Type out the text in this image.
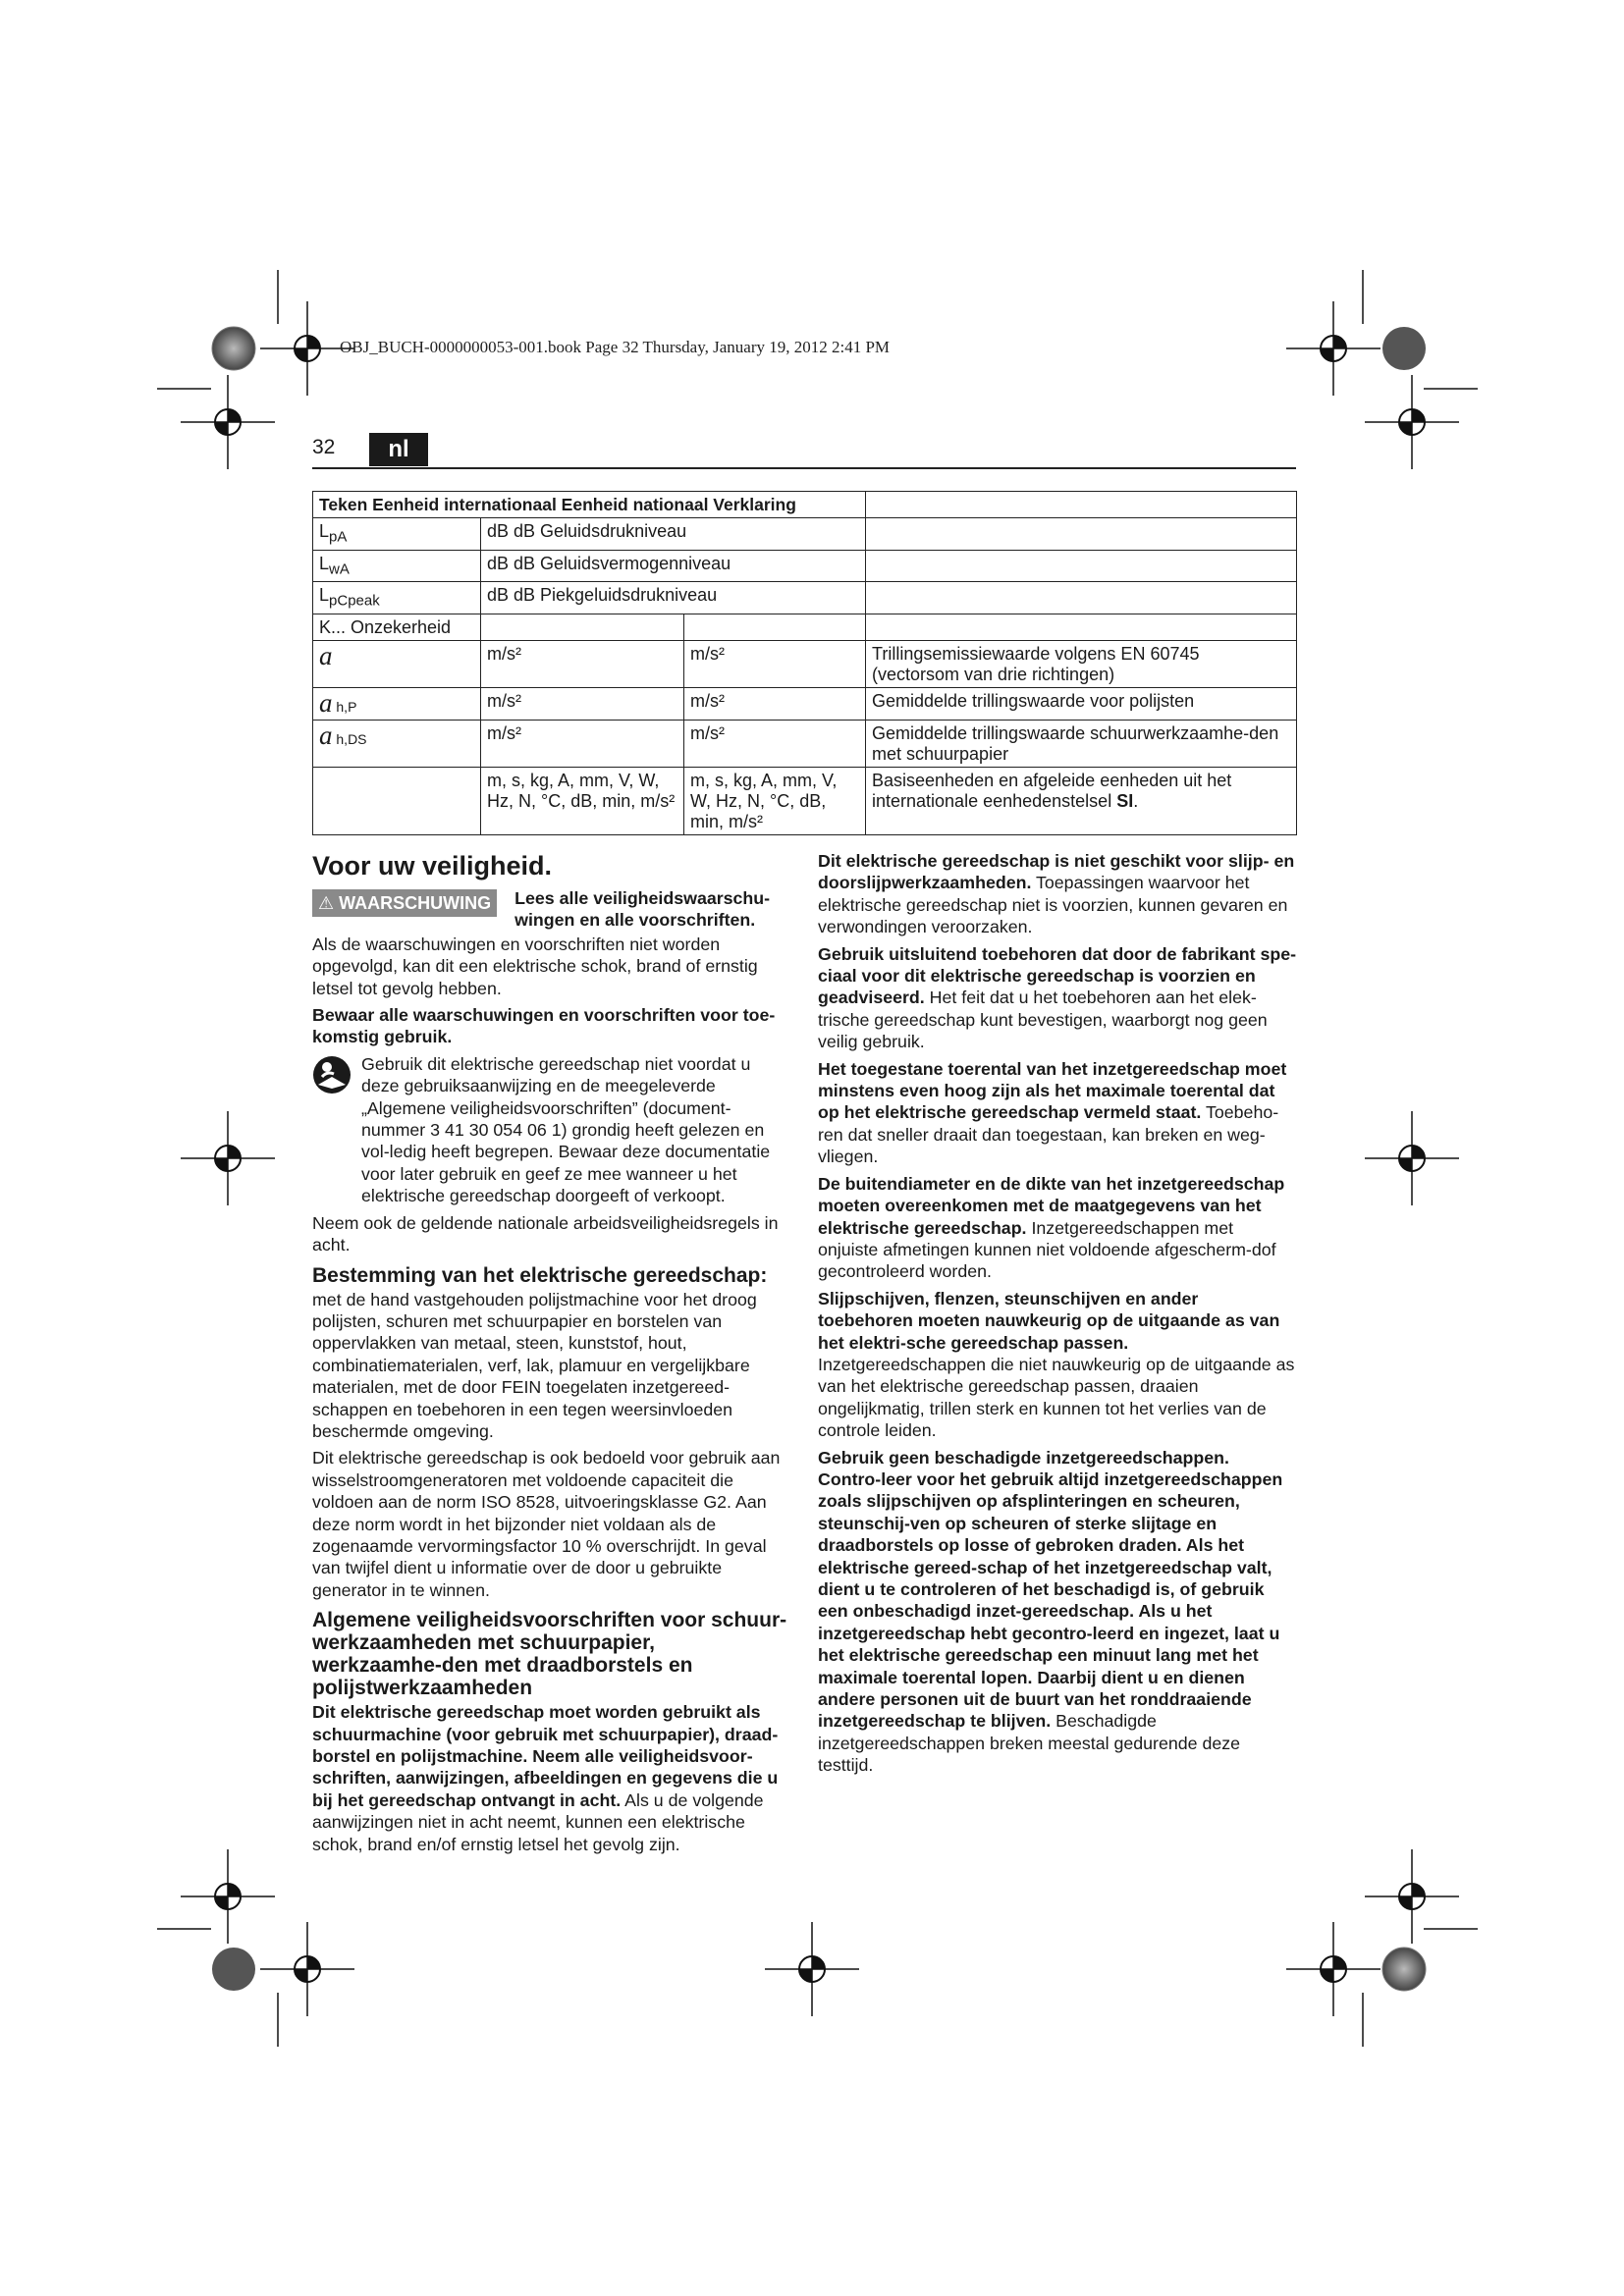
OBJ_BUCH-0000000053-001.book Page 32 Thursday, January 19, 2012 2:41 PM
32	nl
Teken Eenheid internationaal Eenheid nationaal Verklaring			
$L_{pA}$	dB dB Geluidsdrukniveau		
$L_{wA}$	dB dB Geluidsvermogenniveau		
$L_{pCpeak}$	dB dB Piekgeluidsdrukniveau		
K... Onzekerheid			
a	m/s²	m/s²	Trillingsemissiewaarde volgens EN 60745 (vectorsom van drie richtingen)
a h,P	m/s²	m/s²	Gemiddelde trillingswaarde voor polijsten
a h,DS	m/s²	m/s²	Gemiddelde trillingswaarde schuurwerkzaamhe-den met schuurpapier
	m, s, kg, A, mm, V, W, Hz, N, °C, dB, min, m/s²	m, s, kg, A, mm, V, W, Hz, N, °C, dB, min, m/s²	Basiseenheden en afgeleide eenheden uit het internationale eenhedenstelsel SI.
Voor uw veiligheid.
⚠ WAARSCHUWING	Lees alle veiligheidswaarschu-wingen en alle voorschriften.

Als de waarschuwingen en voorschriften niet worden opgevolgd, kan dit een elektrische schok, brand of ernstig letsel tot gevolg hebben.

Bewaar alle waarschuwingen en voorschriften voor toe-komstig gebruik.

Gebruik dit elektrische gereedschap niet voordat u deze gebruiksaanwijzing en de meegeleverde „Algemene veiligheidsvoorschriften” (document-nummer 3 41 30 054 06 1) grondig heeft gelezen en vol-ledig heeft begrepen. Bewaar deze documentatie voor later gebruik en geef ze mee wanneer u het elektrische gereedschap doorgeeft of verkoopt.

Neem ook de geldende nationale arbeidsveiligheidsregels in acht.

Bestemming van het elektrische gereedschap:

met de hand vastgehouden polijstmachine voor het droog polijsten, schuren met schuurpapier en borstelen van oppervlakken van metaal, steen, kunststof, hout, combinatiematerialen, verf, lak, plamuur en vergelijkbare materialen, met de door FEIN toegelaten inzetgereed-schappen en toebehoren in een tegen weersinvloeden beschermde omgeving.

Dit elektrische gereedschap is ook bedoeld voor gebruik aan wisselstroomgeneratoren met voldoende capaciteit die voldoen aan de norm ISO 8528, uitvoeringsklasse G2. Aan deze norm wordt in het bijzonder niet voldaan als de zogenaamde vervormingsfactor 10 % overschrijdt. In geval van twijfel dient u informatie over de door u gebruikte generator in te winnen.

Algemene veiligheidsvoorschriften voor schuur-werkzaamheden met schuurpapier, werkzaamhe-den met draadborstels en polijstwerkzaamheden

Dit elektrische gereedschap moet worden gebruikt als schuurmachine (voor gebruik met schuurpapier), draad-borstel en polijstmachine. Neem alle veiligheidsvoor-schriften, aanwijzingen, afbeeldingen en gegevens die u bij het gereedschap ontvangt in acht. Als u de volgende aanwijzingen niet in acht neemt, kunnen een elektrische schok, brand en/of ernstig letsel het gevolg zijn.

Dit elektrische gereedschap is niet geschikt voor slijp- en doorslijpwerkzaamheden. Toepassingen waarvoor het elektrische gereedschap niet is voorzien, kunnen gevaren en verwondingen veroorzaken.

Gebruik uitsluitend toebehoren dat door de fabrikant spe-ciaal voor dit elektrische gereedschap is voorzien en geadviseerd. Het feit dat u het toebehoren aan het elek-trische gereedschap kunt bevestigen, waarborgt nog geen veilig gebruik.

Het toegestane toerental van het inzetgereedschap moet minstens even hoog zijn als het maximale toerental dat op het elektrische gereedschap vermeld staat. Toebeho-ren dat sneller draait dan toegestaan, kan breken en weg-vliegen.

De buitendiameter en de dikte van het inzetgereedschap moeten overeenkomen met de maatgegevens van het elektrische gereedschap. Inzetgereedschappen met onjuiste afmetingen kunnen niet voldoende afgescherm-dof gecontroleerd worden.

Slijpschijven, flenzen, steunschijven en ander toebehoren moeten nauwkeurig op de uitgaande as van het elektri-sche gereedschap passen. Inzetgereedschappen die niet nauwkeurig op de uitgaande as van het elektrische gereedschap passen, draaien ongelijkmatig, trillen sterk en kunnen tot het verlies van de controle leiden.

Gebruik geen beschadigde inzetgereedschappen. Contro-leer voor het gebruik altijd inzetgereedschappen zoals slijpschijven op afsplinteringen en scheuren, steunschij-ven op scheuren of sterke slijtage en draadborstels op losse of gebroken draden. Als het elektrische gereed-schap of het inzetgereedschap valt, dient u te controleren of het beschadigd is, of gebruik een onbeschadigd inzet-gereedschap. Als u het inzetgereedschap hebt gecontro-leerd en ingezet, laat u het elektrische gereedschap een minuut lang met het maximale toerental lopen. Daarbij dient u en dienen andere personen uit de buurt van het ronddraaiende inzetgereedschap te blijven. Beschadigde inzetgereedschappen breken meestal gedurende deze testtijd.
